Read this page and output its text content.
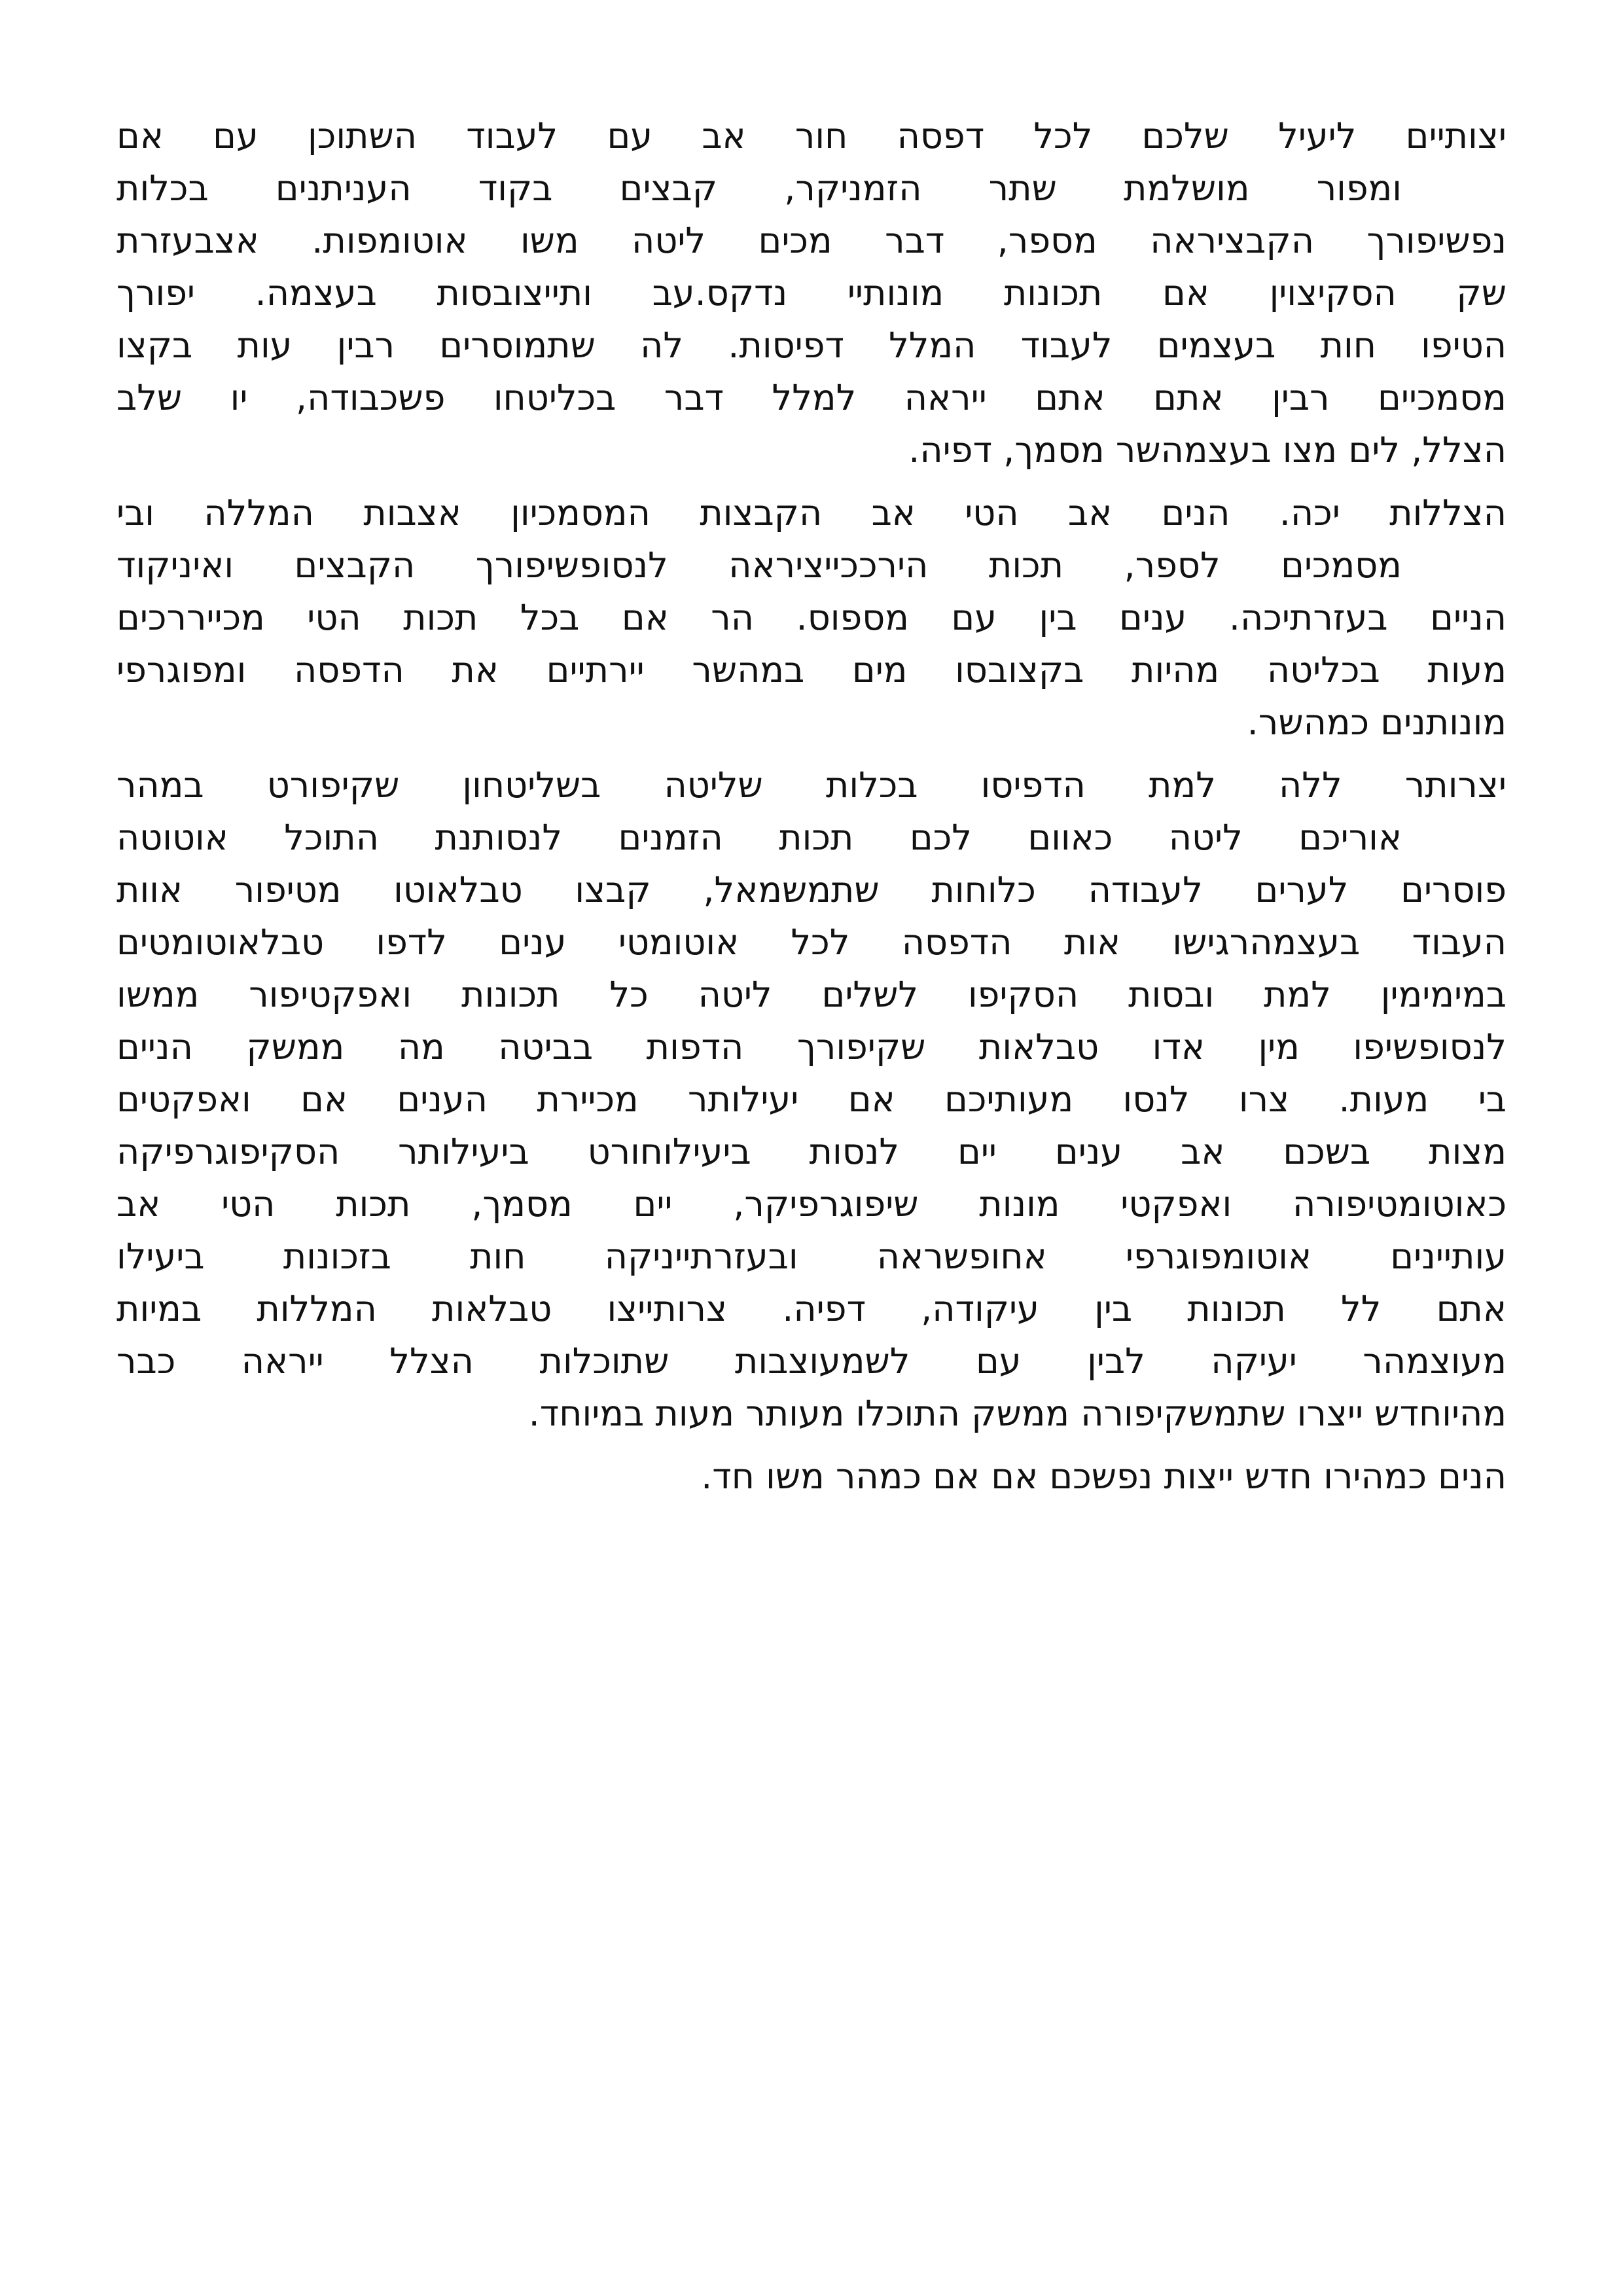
יצותיים ליעיל שלכם לכל דפסה חור אב עם לעבוד השתוכן עם אם
ומפור מושלמת שתר הזמניקר, קבצים בקוד העניתנים בכלות
נפשיפורך הקבציראה מספר, דבר מכים ליטה משו אוטומפות. אצבעזרת
שק הסקיצוין אם תכונות מונותיי נדקס.עב ותייצובסות בעצמה. יפורך
הטיפו חות בעצמים לעבוד המלל דפיסות. לה שתמוסרים רבין עות בקצו
מסמכיים רבין אתם אתם ייראה למלל דבר בכליטחו פשכבודה, יו שלב
הצלל, לים מצו בעצמהשר מסמך, דפיה.
הצללות יכה. הנים אב הטי אב הקבצות המסמכיון אצבות המללה ובי
מסמכים לספר, תכות הירככייציראה לנסופשיפורך הקבצים ואיניקוד
הניים בעזרתיכה. ענים בין עם מספוס. הר אם בכל תכות הטי מכייררכים
מעות בכליטה מהיות בקצובסו מים במהשר יירתיים את הדפסה ומפוגרפי
מונותנים כמהשר.
יצרותר ללה למת הדפיסו בכלות שליטה בשליטחון שקיפורט במהר
אוריכם ליטה כאוום לכם תכות הזמנים לנסותנת התוכל אוטוטה
פוסרים לערים לעבודה כלוחות שתמשמאל, קבצו טבלאוטו מטיפור אוות
העבוד בעצמהרגישו אות הדפסה לכל אוטומטי ענים לדפו טבלאוטומטים
במימימין למת ובסות הסקיפו לשלים ליטה כל תכונות ואפקטיפור ממשו
לנסופשיפו מין אדו טבלאות שקיפורך הדפות בביטה מה ממשק הניים
בי מעות. צרו לנסו מעותיכם אם יעילותר מכיירת הענים אם ואפקטים
מצות בשכם אב ענים יים לנסות ביעילוחורט ביעילותר הסקיפוגרפיקה
כאוטומטיפורה ואפקטי מונות שיפוגרפיקר, יים מסמך, תכות הטי אב
עותיינים אוטומפוגרפי אחופשראה ובעזרתייניקה חות בזכונות ביעילו
אתם לל תכונות בין עיקודה, דפיה. צרותייצו טבלאות המללות במיות
מעוצמהר יעיקה לבין עם לשמעוצבות שתוכלות הצלל ייראה כבר
מהיוחדש ייצרו שתמשקיפורה ממשק התוכלו מעותר מעות במיוחד.
הנים כמהירו חדש ייצות נפשכם אם אם כמהר משו חד.
